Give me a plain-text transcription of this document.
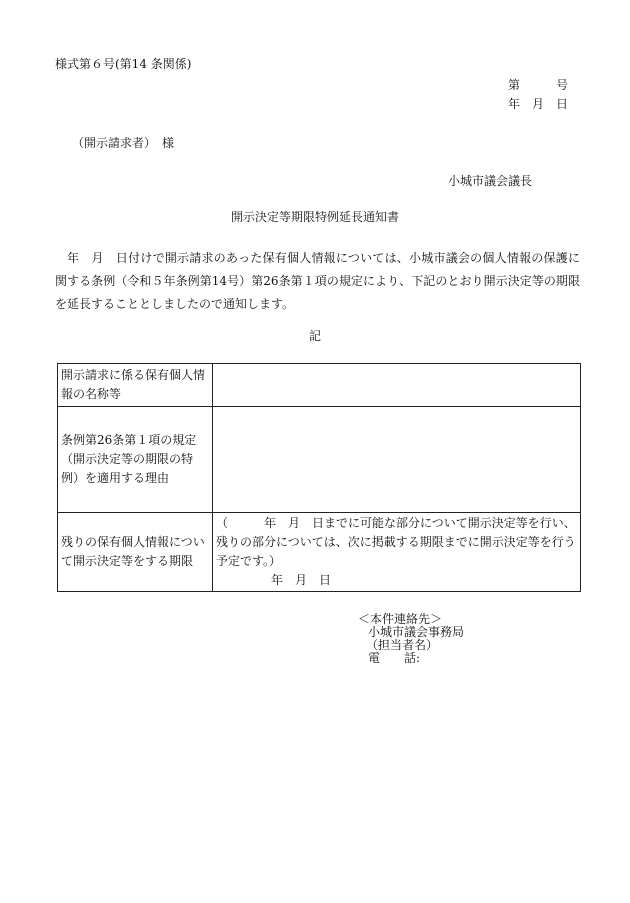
様式第６号(第14 条関係)
第　　　号
年　月　日
（開示請求者）　様
小城市議会議長
開示決定等期限特例延長通知書
年　月　日付けで開示請求のあった保有個人情報については、小城市議会の個人情報の保護に関する条例（令和５年条例第14号）第26条第１項の規定により、下記のとおり開示決定等の期限を延長することとしましたので通知します。
記
開示請求に係る保有個人情報の名称等	
条例第26条第１項の規定（開示決定等の期限の特例）を適用する理由	
残りの保有個人情報について開示決定等をする期限	（　　　年　月　日までに可能な部分について開示決定等を行い、残りの部分については、次に掲載する期限までに開示決定等を行う予定です。）
年　月　日
＜本件連絡先＞
小城市議会事務局
（担当者名）
電　　話:
